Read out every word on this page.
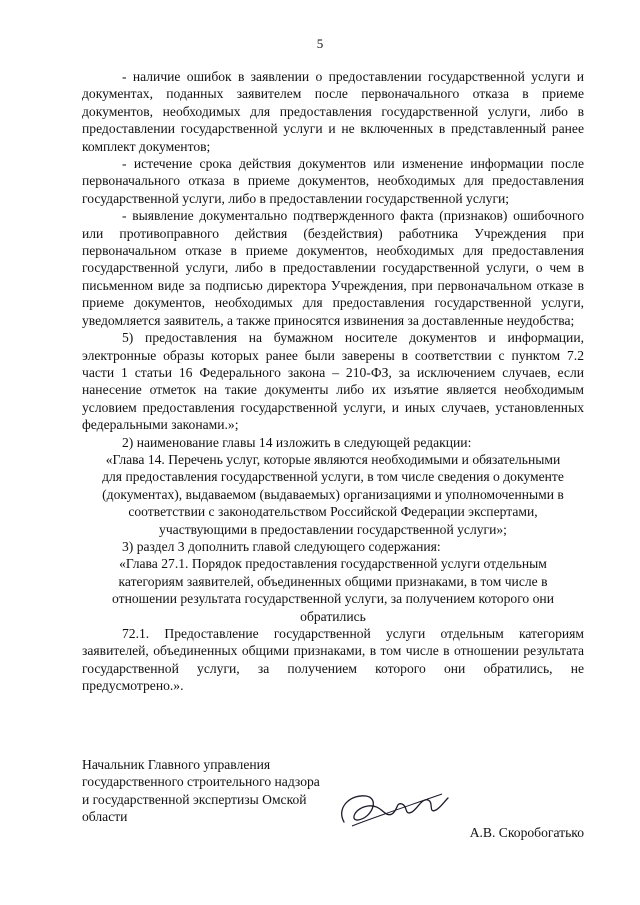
5

- наличие ошибок в заявлении о предоставлении государственной услуги и документах, поданных заявителем после первоначального отказа в приеме документов, необходимых для предоставления государственной услуги, либо в предоставлении государственной услуги и не включенных в представленный ранее комплект документов;

- истечение срока действия документов или изменение информации после первоначального отказа в приеме документов, необходимых для предоставления государственной услуги, либо в предоставлении государственной услуги;

- выявление документально подтвержденного факта (признаков) ошибочного или противоправного действия (бездействия) работника Учреждения при первоначальном отказе в приеме документов, необходимых для предоставления государственной услуги, либо в предоставлении государственной услуги, о чем в письменном виде за подписью директора Учреждения, при первоначальном отказе в приеме документов, необходимых для предоставления государственной услуги, уведомляется заявитель, а также приносятся извинения за доставленные неудобства;

5) предоставления на бумажном носителе документов и информации, электронные образы которых ранее были заверены в соответствии с пунктом 7.2 части 1 статьи 16 Федерального закона – 210-ФЗ, за исключением случаев, если нанесение отметок на такие документы либо их изъятие является необходимым условием предоставления государственной услуги, и иных случаев, установленных федеральными законами.»;

2) наименование главы 14 изложить в следующей редакции:

«Глава 14. Перечень услуг, которые являются необходимыми и обязательными для предоставления государственной услуги, в том числе сведения о документе (документах), выдаваемом (выдаваемых) организациями и уполномоченными в соответствии с законодательством Российской Федерации экспертами, участвующими в предоставлении государственной услуги»;

3) раздел 3 дополнить главой следующего содержания:

«Глава 27.1. Порядок предоставления государственной услуги отдельным категориям заявителей, объединенных общими признаками, в том числе в отношении результата государственной услуги, за получением которого они обратились

72.1. Предоставление государственной услуги отдельным категориям заявителей, объединенных общими признаками, в том числе в отношении результата государственной услуги, за получением которого они обратились, не предусмотрено.».

Начальник Главного управления государственного строительного надзора и государственной экспертизы Омской области
А.В. Скоробогатько
